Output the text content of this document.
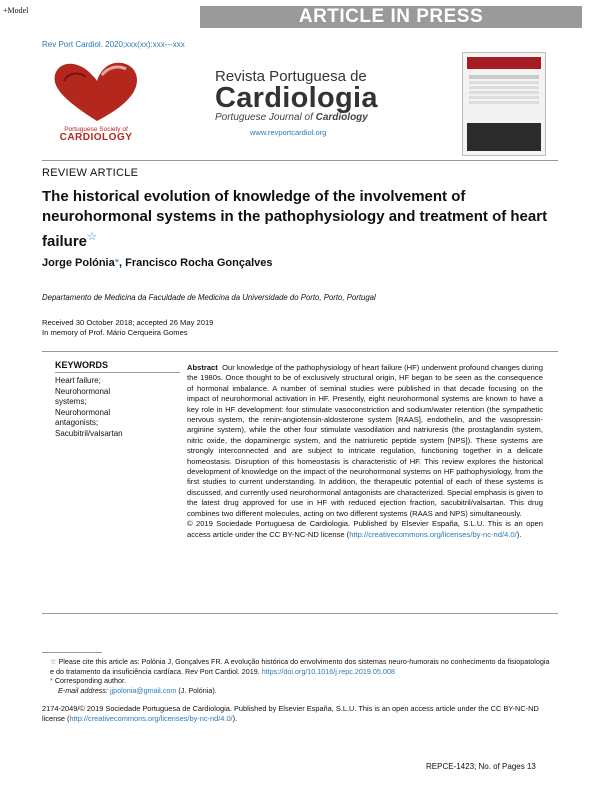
+Model	ARTICLE IN PRESS
Rev Port Cardiol. 2020;xxx(xx):xxx---xxx
Portuguese Society of
CARDIOLOGY
Revista Portuguesa de
Cardiologia
Portuguese Journal of Cardiology
www.revportcardiol.org
REVIEW ARTICLE
The historical evolution of knowledge of the involvement of neurohormonal systems in the pathophysiology and treatment of heart failure☆
Jorge Polónia*, Francisco Rocha Gonçalves
Departamento de Medicina da Faculdade de Medicina da Universidade do Porto, Porto, Portugal
Received 30 October 2018; accepted 26 May 2019
In memory of Prof. Mário Cerqueira Gomes
KEYWORDS
Heart failure;
Neurohormonal
systems;
Neurohormonal
antagonists;
Sacubitril/valsartan
Abstract Our knowledge of the pathophysiology of heart failure (HF) underwent profound changes during the 1980s. Once thought to be of exclusively structural origin, HF began to be seen as the consequence of hormonal imbalance. A number of seminal studies were published in that decade focusing on the impact of neurohormonal activation in HF. Presently, eight neurohormonal systems are known to have a key role in HF development: four stimulate vasoconstriction and sodium/water retention (the sympathetic nervous system, the renin-angiotensin-aldosterone system [RAAS], endothelin, and the vasopressin-arginine system), while the other four stimulate vasodilation and natriuresis (the prostaglandin system, nitric oxide, the dopaminergic system, and the natriuretic peptide system [NPS]). These systems are strongly interconnected and are subject to intricate regulation, functioning together in a delicate homeostasis. Disruption of this homeostasis is characteristic of HF. This review explores the historical development of knowledge on the impact of the neurohormonal systems on HF pathophysiology, from the first studies to current understanding. In addition, the therapeutic potential of each of these systems is discussed, and currently used neurohormonal antagonists are characterized. Special emphasis is given to the latest drug approved for use in HF with reduced ejection fraction, sacubitril/valsartan. This drug combines two different molecules, acting on two different systems (RAAS and NPS) simultaneously.
© 2019 Sociedade Portuguesa de Cardiologia. Published by Elsevier España, S.L.U. This is an open access article under the CC BY-NC-ND license (http://creativecommons.org/licenses/by-nc-nd/4.0/).
☆ Please cite this article as: Polónia J, Gonçalves FR. A evolução histórica do envolvimento dos sistemas neuro-humorais no conhecimento da fisiopatologia e do tratamento da insuficiência cardíaca. Rev Port Cardiol. 2019. https://doi.org/10.1016/j.repc.2019.05.008
* Corresponding author.
E-mail address: jjpolonia@gmail.com (J. Polónia).
2174-2049/© 2019 Sociedade Portuguesa de Cardiologia. Published by Elsevier España, S.L.U. This is an open access article under the CC BY-NC-ND license (http://creativecommons.org/licenses/by-nc-nd/4.0/).
REPCE-1423; No. of Pages 13
